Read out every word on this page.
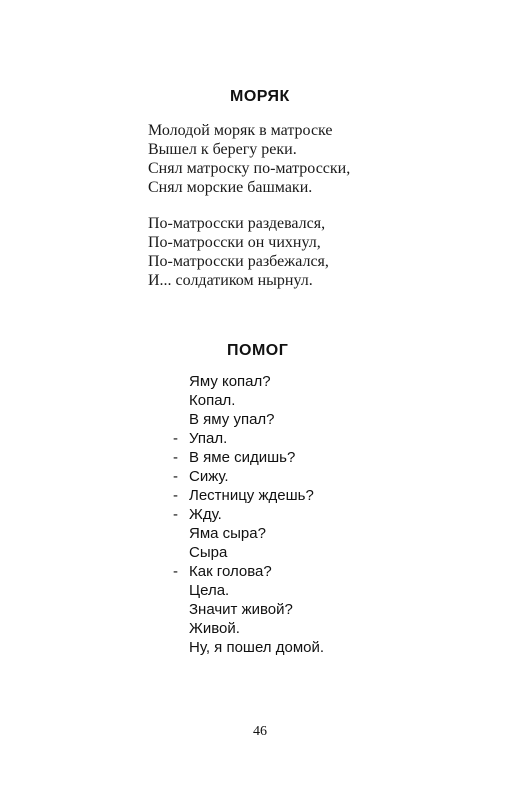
МОРЯК
Молодой моряк в матроске
Вышел к берегу реки.
Снял матроску по-матросски,
Снял морские башмаки.
По-матросски раздевался,
По-матросски он чихнул,
По-матросски разбежался,
И... солдатиком нырнул.
ПОМОГ
Яму копал?
Копал.
В яму упал?
- Упал.
- В яме сидишь?
- Сижу.
- Лестницу ждешь?
- Жду.
Яма сыра?
Сыра
- Как голова?
Цела.
Значит живой?
Живой.
Ну, я пошел домой.

46
